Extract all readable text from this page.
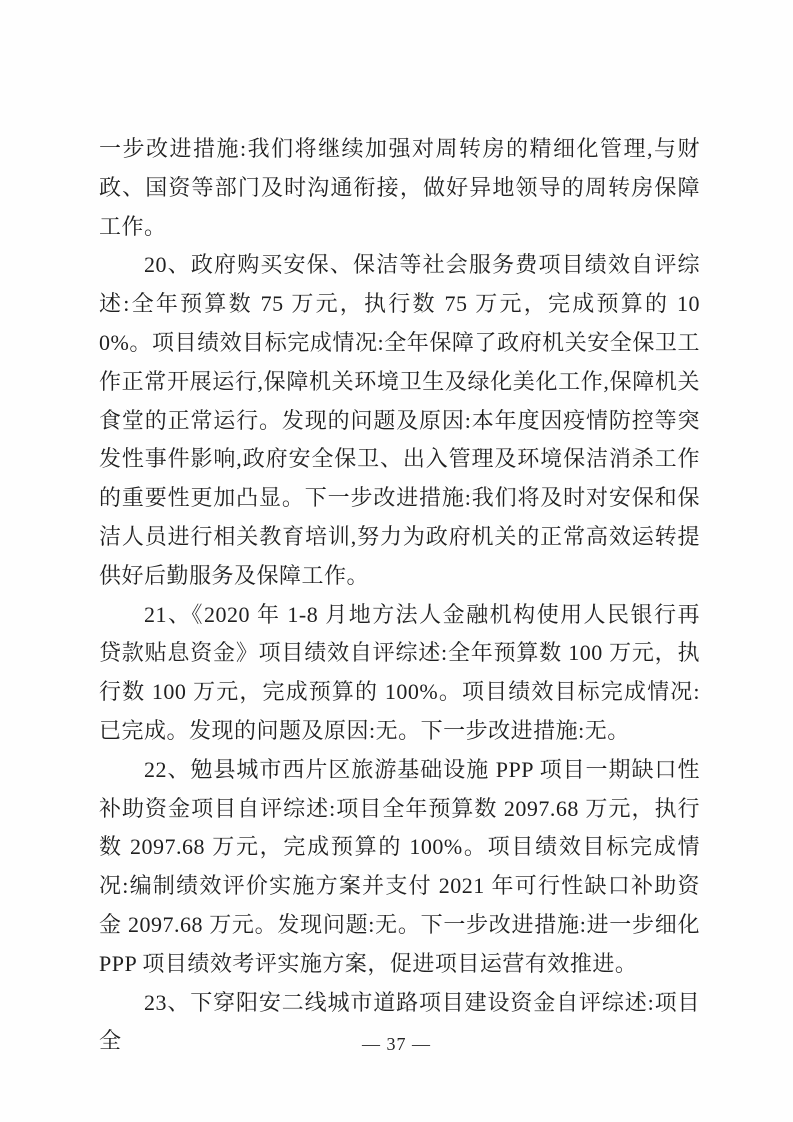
一步改进措施:我们将继续加强对周转房的精细化管理,与财政、国资等部门及时沟通衔接，做好异地领导的周转房保障工作。

20、政府购买安保、保洁等社会服务费项目绩效自评综述:全年预算数 75 万元，执行数 75 万元，完成预算的 100%。项目绩效目标完成情况:全年保障了政府机关安全保卫工作正常开展运行,保障机关环境卫生及绿化美化工作,保障机关食堂的正常运行。发现的问题及原因:本年度因疫情防控等突发性事件影响,政府安全保卫、出入管理及环境保洁消杀工作的重要性更加凸显。下一步改进措施:我们将及时对安保和保洁人员进行相关教育培训,努力为政府机关的正常高效运转提供好后勤服务及保障工作。

21、《2020 年 1-8 月地方法人金融机构使用人民银行再贷款贴息资金》项目绩效自评综述:全年预算数 100 万元，执行数 100 万元，完成预算的 100%。项目绩效目标完成情况:已完成。发现的问题及原因:无。下一步改进措施:无。

22、勉县城市西片区旅游基础设施 PPP 项目一期缺口性补助资金项目自评综述:项目全年预算数 2097.68 万元，执行数 2097.68 万元，完成预算的 100%。项目绩效目标完成情况:编制绩效评价实施方案并支付 2021 年可行性缺口补助资金 2097.68 万元。发现问题:无。下一步改进措施:进一步细化 PPP 项目绩效考评实施方案，促进项目运营有效推进。

23、下穿阳安二线城市道路项目建设资金自评综述:项目全	— 37 —
